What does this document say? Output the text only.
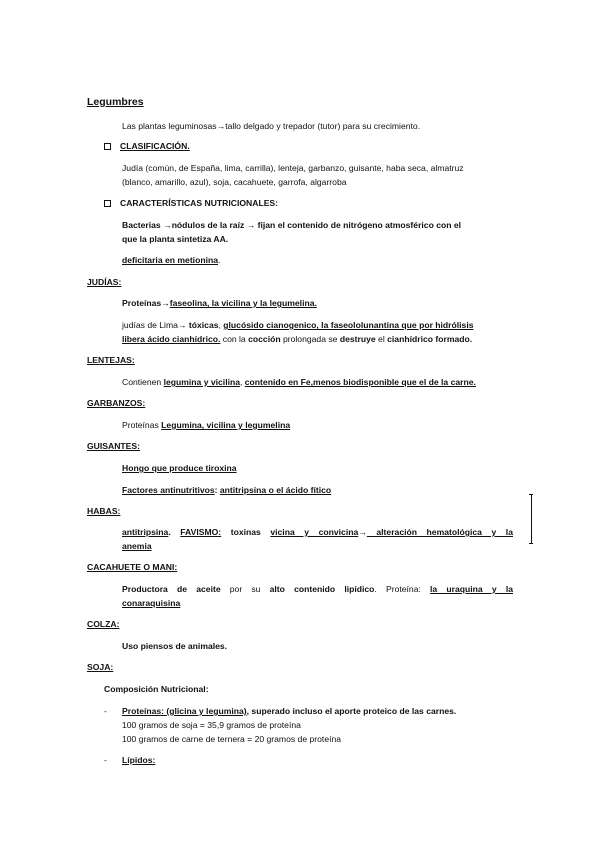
Legumbres
Las plantas leguminosas→tallo delgado y trepador (tutor) para su crecimiento.
CLASIFICACIÓN.
Judía (común, de España, lima, carrilla), lenteja, garbanzo, guisante, haba seca, almatruz
(blanco, amarillo, azul), soja, cacahuete, garrofa, algarroba
CARACTERÍSTICAS NUTRICIONALES:
Bacterias →nódulos de la raíz → fijan el contenido de nitrógeno atmosférico con el
que la planta sintetiza AA.
deficitaria en metionina.
JUDÍAS:
Proteínas→faseolina, la vicilina y la legumelina.
judías de Lima→ tóxicas, glucósido cianogenico, la faseololunantina que por hidrólisis
libera ácido cianhídrico. con la cocción prolongada se destruye el cianhídrico formado.
LENTEJAS:
Contienen legumina y vicilina, contenido en Fe,menos biodisponible que el de la carne.
GARBANZOS:
Proteínas Legumina, vicilina y legumelina
GUISANTES:
Hongo que produce tiroxina
Factores antinutritivos: antitripsina o el ácido fítico
HABAS:
antitripsina. FAVISMO: toxinas vicina y convicina→ alteración hematológica y la
anemia
CACAHUETE O MANI:
Productora de aceite por su alto contenido lipídico. Proteína: la uraquina y la
conaraquisina
COLZA:
Uso piensos de animales.
SOJA:
Composición Nutricional:
- Proteínas: (glicina y legumina), superado incluso el aporte proteico de las carnes.
100 gramos de soja = 35,9 gramos de proteína
100 gramos de carne de ternera = 20 gramos de proteína
- Lípidos:
